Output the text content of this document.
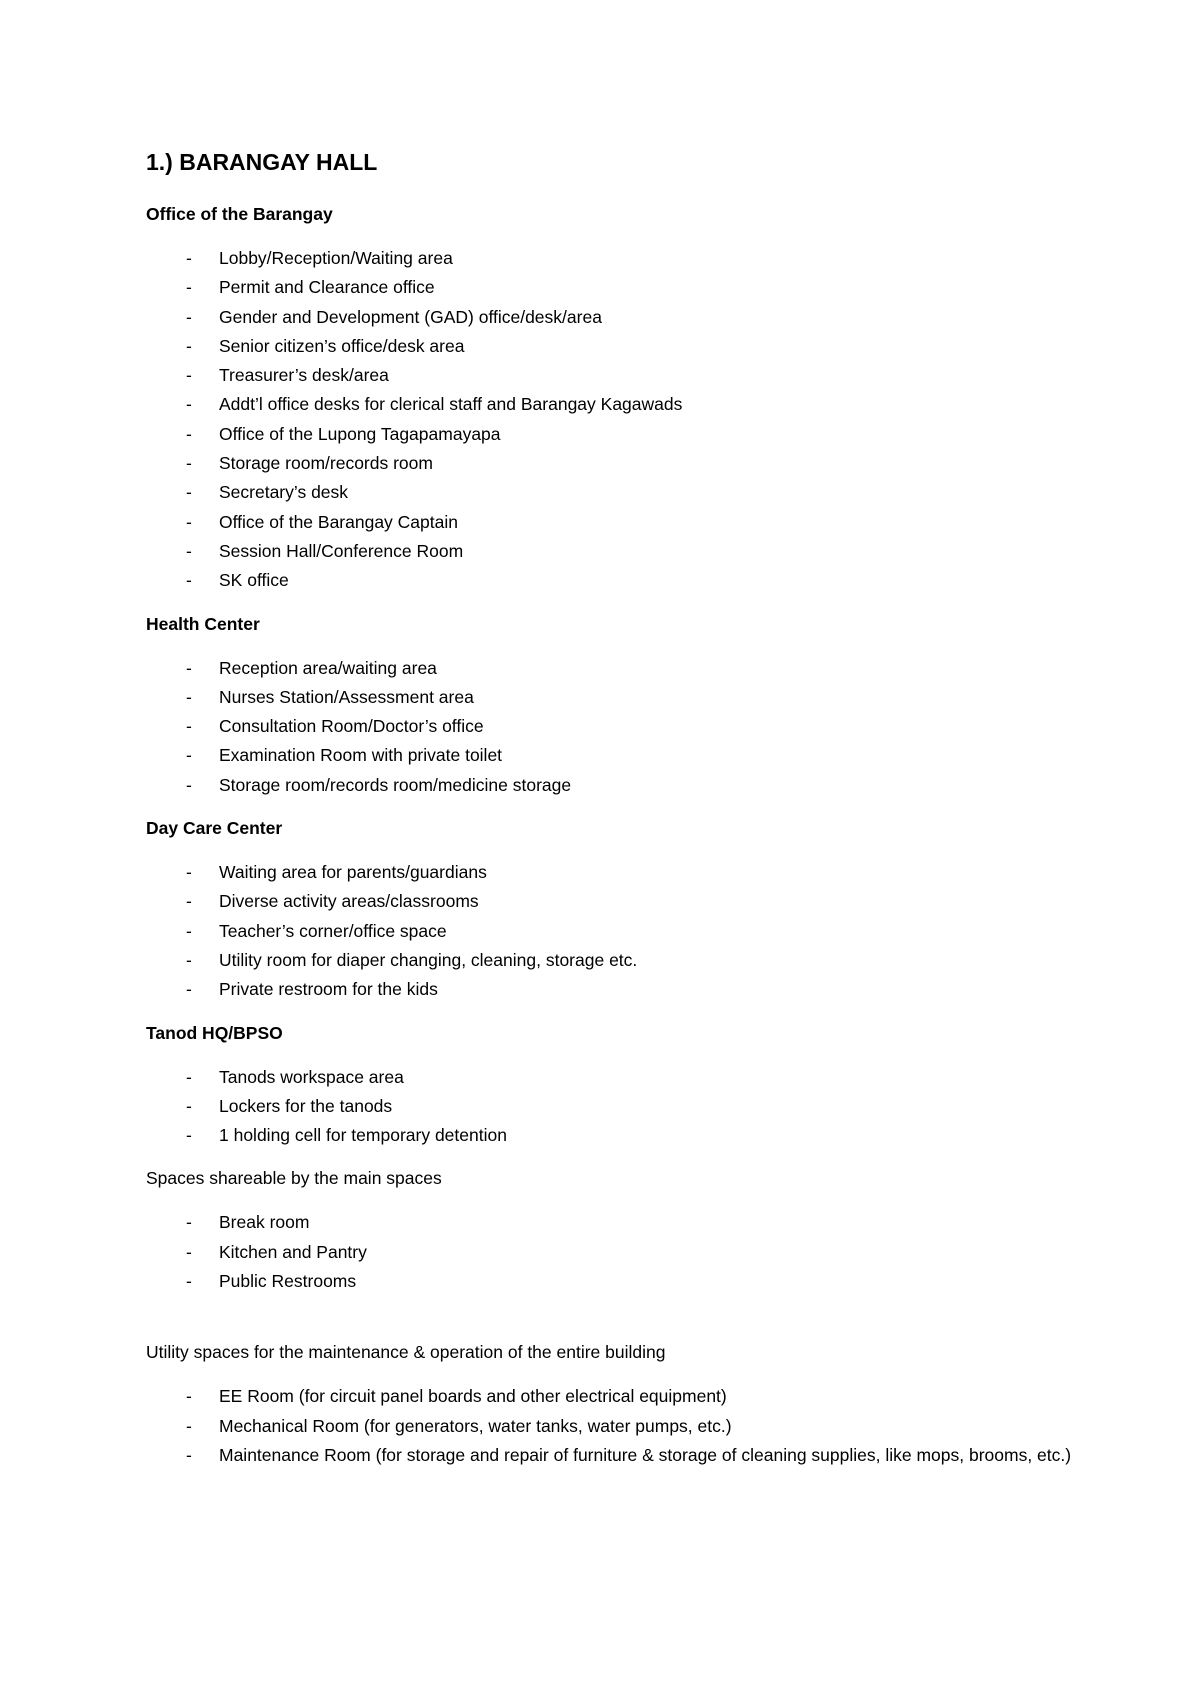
1.) BARANGAY HALL
Office of the Barangay
- Lobby/Reception/Waiting area
- Permit and Clearance office
- Gender and Development (GAD) office/desk/area
- Senior citizen’s office/desk area
- Treasurer’s desk/area
- Addt’l office desks for clerical staff and Barangay Kagawads
- Office of the Lupong Tagapamayapa
- Storage room/records room
- Secretary’s desk
- Office of the Barangay Captain
- Session Hall/Conference Room
- SK office
Health Center
- Reception area/waiting area
- Nurses Station/Assessment area
- Consultation Room/Doctor’s office
- Examination Room with private toilet
- Storage room/records room/medicine storage
Day Care Center
- Waiting area for parents/guardians
- Diverse activity areas/classrooms
- Teacher’s corner/office space
- Utility room for diaper changing, cleaning, storage etc.
- Private restroom for the kids
Tanod HQ/BPSO
- Tanods workspace area
- Lockers for the tanods
- 1 holding cell for temporary detention
Spaces shareable by the main spaces
- Break room
- Kitchen and Pantry
- Public Restrooms
Utility spaces for the maintenance & operation of the entire building
- EE Room (for circuit panel boards and other electrical equipment)
- Mechanical Room (for generators, water tanks, water pumps, etc.)
- Maintenance Room (for storage and repair of furniture & storage of cleaning supplies, like mops, brooms, etc.)
